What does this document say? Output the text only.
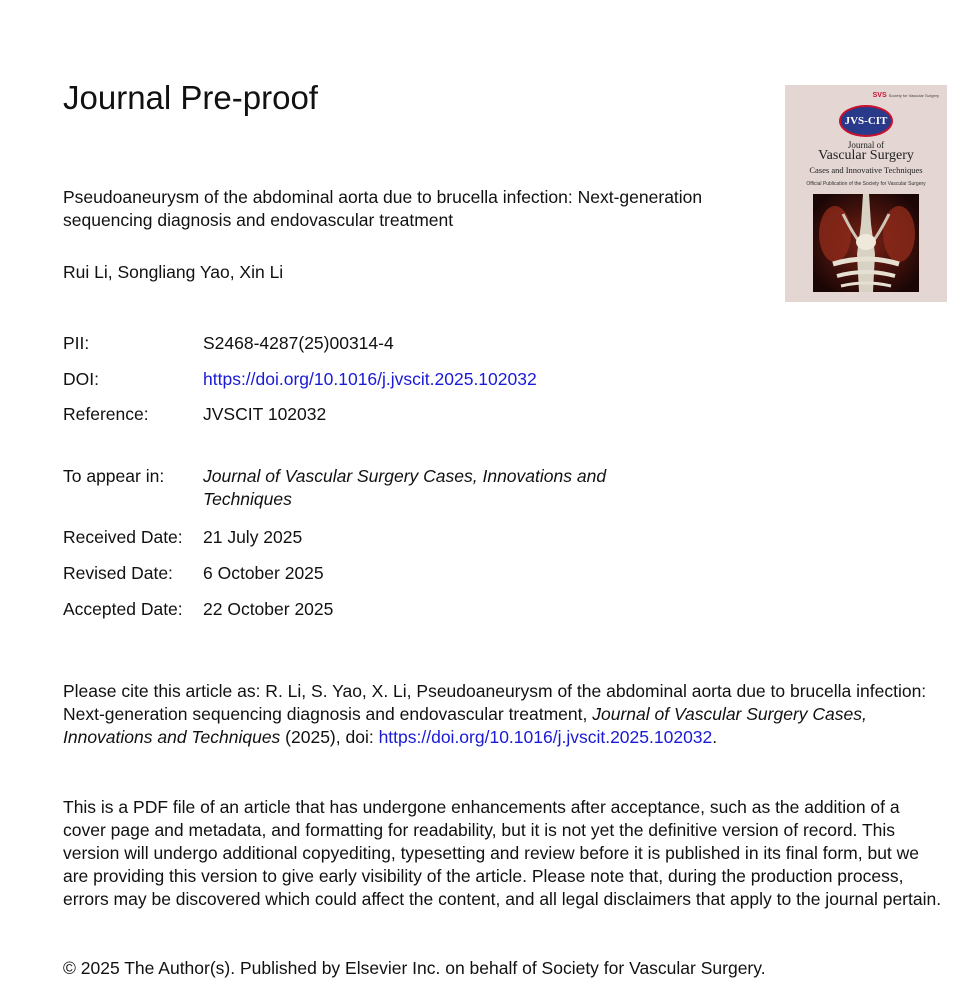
Journal Pre-proof	SVS Society for Vascular Surgery
JVS-CIT
Journal of
Vascular Surgery
Cases and Innovative Techniques
Official Publication of the Society for Vascular Surgery
Pseudoaneurysm of the abdominal aorta due to brucella infection: Next-generation sequencing diagnosis and endovascular treatment
Rui Li, Songliang Yao, Xin Li
PII:	S2468-4287(25)00314-4
DOI:	https://doi.org/10.1016/j.jvscit.2025.102032
Reference:	JVSCIT 102032
To appear in: Journal of Vascular Surgery Cases, Innovations and Techniques
Received Date: 21 July 2025
Revised Date: 6 October 2025
Accepted Date: 22 October 2025
Please cite this article as: R. Li, S. Yao, X. Li, Pseudoaneurysm of the abdominal aorta due to brucella infection: Next-generation sequencing diagnosis and endovascular treatment, Journal of Vascular Surgery Cases, Innovations and Techniques (2025), doi: https://doi.org/10.1016/j.jvscit.2025.102032.
This is a PDF file of an article that has undergone enhancements after acceptance, such as the addition of a cover page and metadata, and formatting for readability, but it is not yet the definitive version of record. This version will undergo additional copyediting, typesetting and review before it is published in its final form, but we are providing this version to give early visibility of the article. Please note that, during the production process, errors may be discovered which could affect the content, and all legal disclaimers that apply to the journal pertain.
© 2025 The Author(s). Published by Elsevier Inc. on behalf of Society for Vascular Surgery.
